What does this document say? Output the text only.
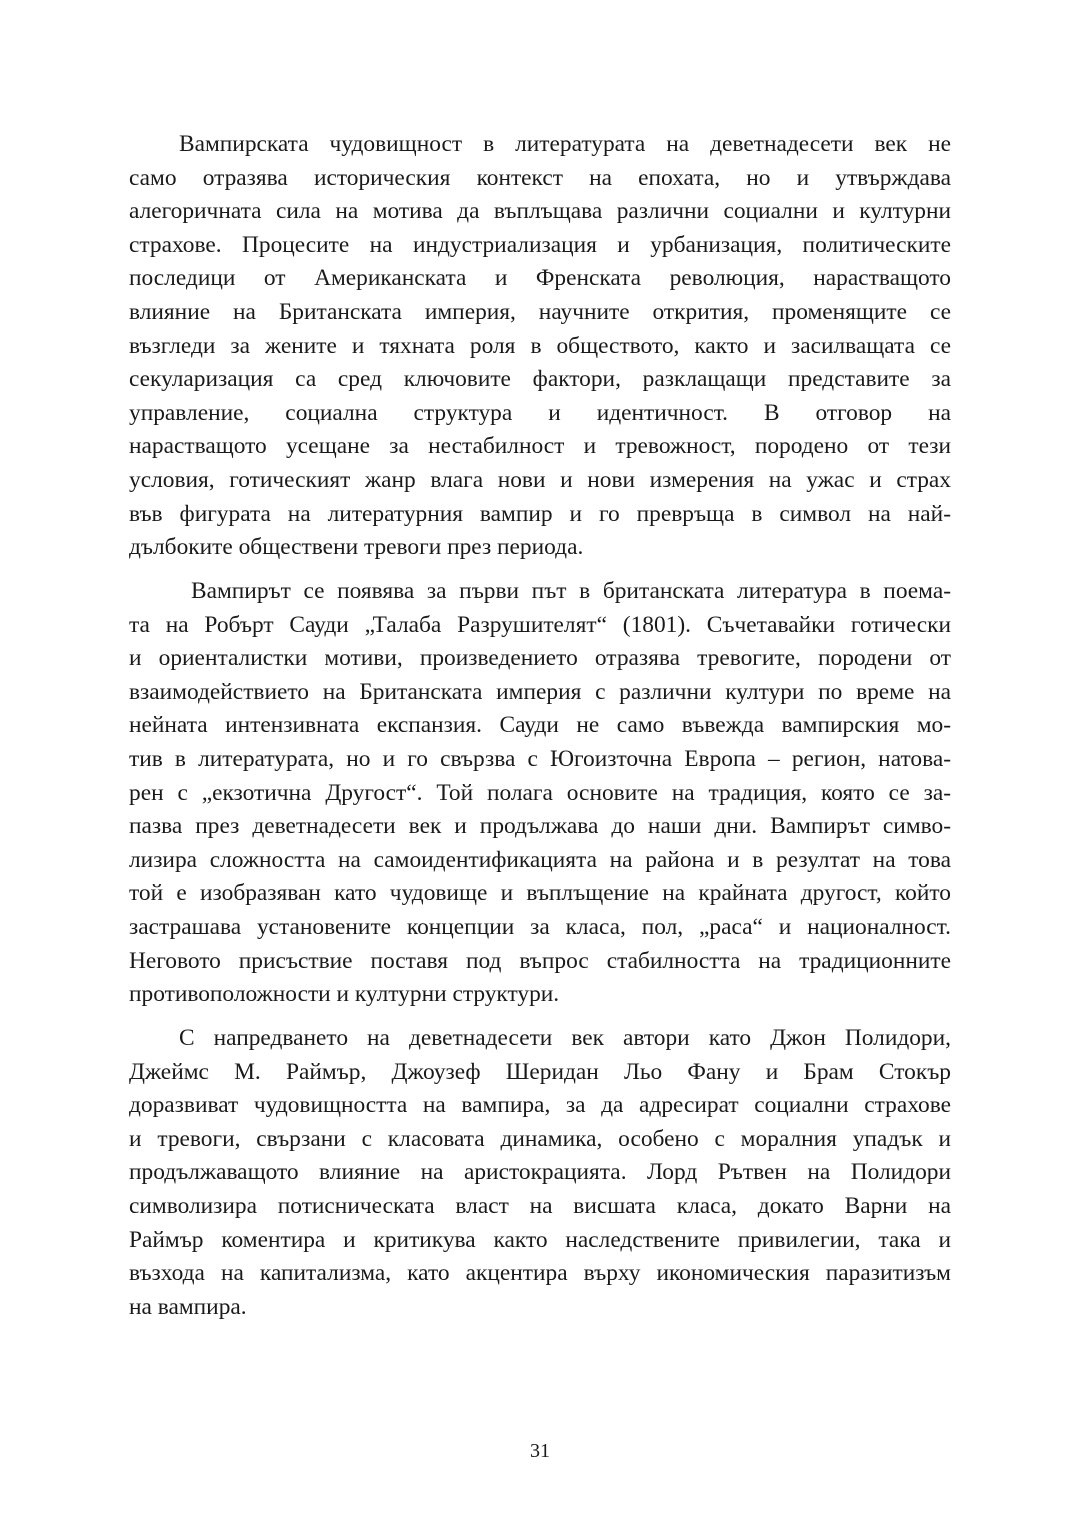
Вампирската чудовищност в литературата на деветнадесети век не
само отразява историческия контекст на епохата, но и утвърждава
алегоричната сила на мотива да въплъщава различни социални и културни
страхове. Процесите на индустриализация и урбанизация, политическите
последици от Американската и Френската революция, нарастващото
влияние на Британската империя, научните открития, променящите се
възгледи за жените и тяхната роля в обществото, както и засилващата се
секуларизация са сред ключовите фактори, разклащащи представите за
управление, социална структура и идентичност. В отговор на
нарастващото усещане за нестабилност и тревожност, породено от тези
условия, готическият жанр влага нови и нови измерения на ужас и страх
във фигурата на литературния вампир и го превръща в символ на най-
дълбоките обществени тревоги през периода.
Вампирът се появява за първи път в британската литература в поема-
та на Робърт Сауди „Талаба Разрушителят“ (1801). Съчетавайки готически
и ориенталистки мотиви, произведението отразява тревогите, породени от
взаимодействието на Британската империя с различни култури по време на
нейната интензивната експанзия. Сауди не само въвежда вампирския мо-
тив в литературата, но и го свързва с Югоизточна Европа – регион, натова-
рен с „екзотична Другост“. Той полага основите на традиция, която се за-
пазва през деветнадесети век и продължава до наши дни. Вампирът симво-
лизира сложността на самоидентификацията на района и в резултат на това
той е изобразяван като чудовище и въплъщение на крайната другост, който
застрашава установените концепции за класа, пол, „раса“ и националност.
Неговото присъствие поставя под въпрос стабилността на традиционните
противоположности и културни структури.
С напредването на деветнадесети век автори като Джон Полидори,
Джеймс М. Раймър, Джоузеф Шеридан Льо Фану и Брам Стокър
доразвиват чудовищността на вампира, за да адресират социални страхове
и тревоги, свързани с класовата динамика, особено с моралния упадък и
продължаващото влияние на аристокрацията. Лорд Рътвен на Полидори
символизира потисническата власт на висшата класа, докато Варни на
Раймър коментира и критикува както наследствените привилегии, така и
възхода на капитализма, като акцентира върху икономическия паразитизъм
на вампира.
31
